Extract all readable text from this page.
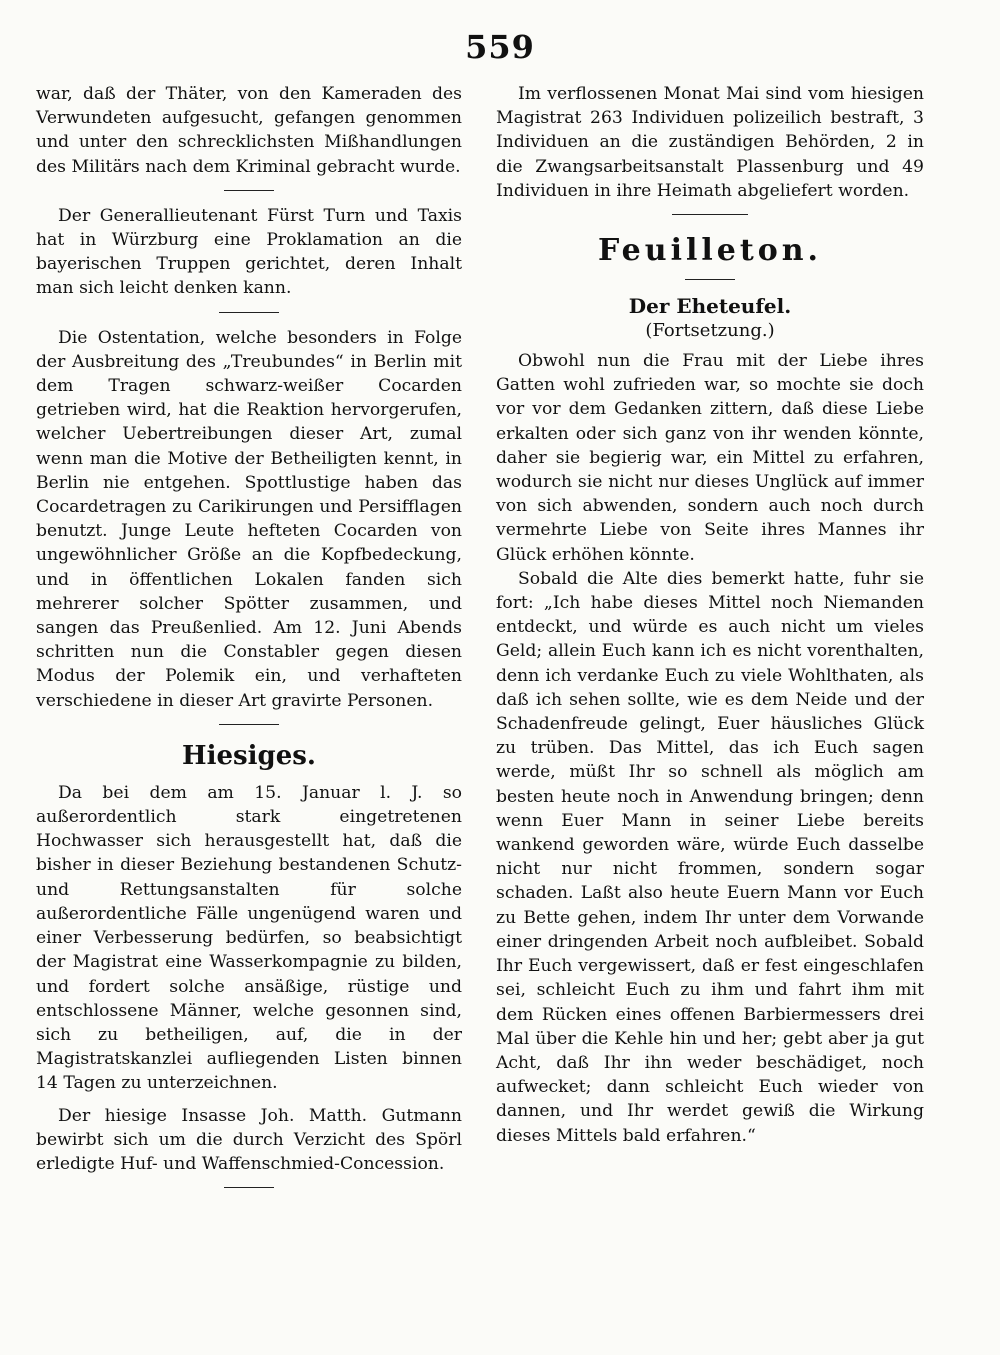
559

war, daß der Thäter, von den Kameraden des Verwundeten aufgesucht, gefangen genommen und unter den schrecklichsten Mißhandlungen des Militärs nach dem Kriminal gebracht wurde.

Der Generallieutenant Fürst Turn und Taxis hat in Würzburg eine Proklamation an die bayerischen Truppen gerichtet, deren Inhalt man sich leicht denken kann.

Die Ostentation, welche besonders in Folge der Ausbreitung des „Treubundes“ in Berlin mit dem Tragen schwarz-weißer Cocarden getrieben wird, hat die Reaktion hervorgerufen, welcher Uebertreibungen dieser Art, zumal wenn man die Motive der Betheiligten kennt, in Berlin nie entgehen. Spottlustige haben das Cocardetragen zu Carikirungen und Persifflagen benutzt. Junge Leute hefteten Cocarden von ungewöhnlicher Größe an die Kopfbedeckung, und in öffentlichen Lokalen fanden sich mehrerer solcher Spötter zusammen, und sangen das Preußenlied. Am 12. Juni Abends schritten nun die Constabler gegen diesen Modus der Polemik ein, und verhafteten verschiedene in dieser Art gravirte Personen.

Hiesiges.

Da bei dem am 15. Januar l. J. so außerordentlich stark eingetretenen Hochwasser sich herausgestellt hat, daß die bisher in dieser Beziehung bestandenen Schutz- und Rettungsanstalten für solche außerordentliche Fälle ungenügend waren und einer Verbesserung bedürfen, so beabsichtigt der Magistrat eine Wasserkompagnie zu bilden, und fordert solche ansäßige, rüstige und entschlossene Männer, welche gesonnen sind, sich zu betheiligen, auf, die in der Magistratskanzlei aufliegenden Listen binnen 14 Tagen zu unterzeichnen.

Der hiesige Insasse Joh. Matth. Gutmann bewirbt sich um die durch Verzicht des Spörl erledigte Huf- und Waffenschmied-Concession.

Im verflossenen Monat Mai sind vom hiesigen Magistrat 263 Individuen polizeilich bestraft, 3 Individuen an die zuständigen Behörden, 2 in die Zwangsarbeitsanstalt Plassenburg und 49 Individuen in ihre Heimath abgeliefert worden.

Feuilleton.
Der Eheteufel.
(Fortsetzung.)

Obwohl nun die Frau mit der Liebe ihres Gatten wohl zufrieden war, so mochte sie doch vor vor dem Gedanken zittern, daß diese Liebe erkalten oder sich ganz von ihr wenden könnte, daher sie begierig war, ein Mittel zu erfahren, wodurch sie nicht nur dieses Unglück auf immer von sich abwenden, sondern auch noch durch vermehrte Liebe von Seite ihres Mannes ihr Glück erhöhen könnte.

Sobald die Alte dies bemerkt hatte, fuhr sie fort: „Ich habe dieses Mittel noch Niemanden entdeckt, und würde es auch nicht um vieles Geld; allein Euch kann ich es nicht vorenthalten, denn ich verdanke Euch zu viele Wohlthaten, als daß ich sehen sollte, wie es dem Neide und der Schadenfreude gelingt, Euer häusliches Glück zu trüben. Das Mittel, das ich Euch sagen werde, müßt Ihr so schnell als möglich am besten heute noch in Anwendung bringen; denn wenn Euer Mann in seiner Liebe bereits wankend geworden wäre, würde Euch dasselbe nicht nur nicht frommen, sondern sogar schaden. Laßt also heute Euern Mann vor Euch zu Bette gehen, indem Ihr unter dem Vorwande einer dringenden Arbeit noch aufbleibet. Sobald Ihr Euch vergewissert, daß er fest eingeschlafen sei, schleicht Euch zu ihm und fahrt ihm mit dem Rücken eines offenen Barbiermessers drei Mal über die Kehle hin und her; gebt aber ja gut Acht, daß Ihr ihn weder beschädiget, noch aufwecket; dann schleicht Euch wieder von dannen, und Ihr werdet gewiß die Wirkung dieses Mittels bald erfahren.“
